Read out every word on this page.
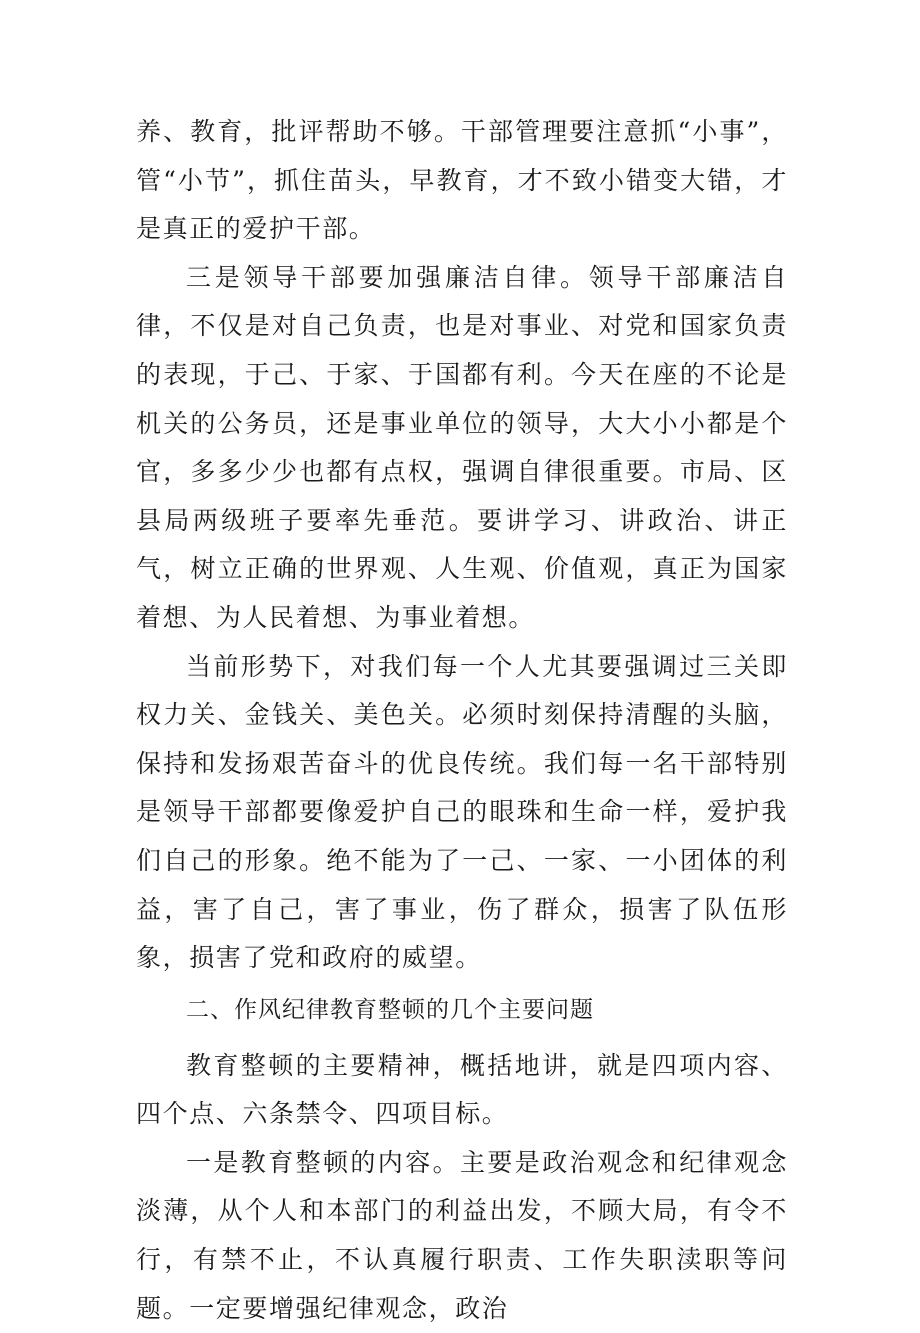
养、教育，批评帮助不够。干部管理要注意抓“小事”，管“小节”，抓住苗头，早教育，才不致小错变大错，才是真正的爱护干部。

三是领导干部要加强廉洁自律。领导干部廉洁自律，不仅是对自己负责，也是对事业、对党和国家负责的表现，于己、于家、于国都有利。今天在座的不论是机关的公务员，还是事业单位的领导，大大小小都是个官，多多少少也都有点权，强调自律很重要。市局、区县局两级班子要率先垂范。要讲学习、讲政治、讲正气，树立正确的世界观、人生观、价值观，真正为国家着想、为人民着想、为事业着想。

当前形势下，对我们每一个人尤其要强调过三关即权力关、金钱关、美色关。必须时刻保持清醒的头脑，保持和发扬艰苦奋斗的优良传统。我们每一名干部特别是领导干部都要像爱护自己的眼珠和生命一样，爱护我们自己的形象。绝不能为了一己、一家、一小团体的利益，害了自己，害了事业，伤了群众，损害了队伍形象，损害了党和政府的威望。

二、作风纪律教育整顿的几个主要问题

教育整顿的主要精神，概括地讲，就是四项内容、四个点、六条禁令、四项目标。

一是教育整顿的内容。主要是政治观念和纪律观念淡薄，从个人和本部门的利益出发，不顾大局，有令不行，有禁不止，不认真履行职责、工作失职渎职等问题。一定要增强纪律观念，政治
